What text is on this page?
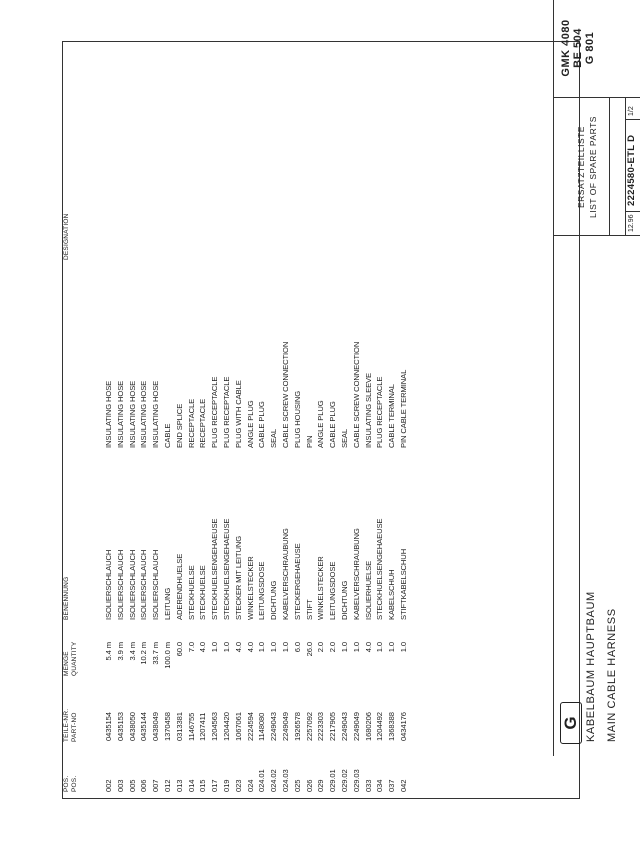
POS. POS.
TEILE-NR. PART-NO
MENGE QUANTITY
BENENNUNG
DESIGNATION
002
0435154
5.4 m
ISOLIERSCHLAUCH
INSULATING HOSE
003
0435153
3.9 m
ISOLIERSCHLAUCH
INSULATING HOSE
005
0438050
3.4 m
ISOLIERSCHLAUCH
INSULATING HOSE
006
0435144
10.2 m
ISOLIERSCHLAUCH
INSULATING HOSE
007
0438049
33.7 m
ISOLIERSCHLAUCH
INSULATING HOSE
012
1370458
100.0 m
LEITUNG
CABLE
013
0313381
60.0
ADERENDHUELSE
END SPLICE
014
1146755
7.0
STECKHUELSE
RECEPTACLE
015
1207411
4.0
STECKHUELSE
RECEPTACLE
017
1204563
1.0
STECKHUELSENGEHAEUSE
PLUG RECEPTACLE
019
1204420
1.0
STECKHUELSENGEHAEUSE
PLUG RECEPTACLE
023
1067061
4.0
STECKER MIT LEITUNG
PLUG WITH CABLE
024
2224594
4.0
WINKELSTECKER
ANGLE PLUG
024.01
1148080
1.0
LEITUNGSDOSE
CABLE PLUG
024.02
2249043
1.0
DICHTUNG
SEAL
024.03
2249049
1.0
KABELVERSCHRAUBUNG
CABLE SCREW CONNECTION
025
1926578
6.0
STECKERGEHAEUSE
PLUG HOUSING
026
2257092
26.0
STIFT
PIN
029
2223303
2.0
WINKELSTECKER
ANGLE PLUG
029.01
2217905
2.0
LEITUNGSDOSE
CABLE PLUG
029.02
2249043
1.0
DICHTUNG
SEAL
029.03
2249049
1.0
KABELVERSCHRAUBUNG
CABLE SCREW CONNECTION
033
1680206
4.0
ISOLIERHUELSE
INSULATING SLEEVE
034
1204492
1.0
STECKHUELSENGEHAEUSE
PLUG RECEPTACLE
037
1368388
1.0
KABELSCHUH
CABLE TERMINAL
042
0434176
1.0
STIFTKABELSCHUH
PIN CABLE TERMINAL
G KABELBAUM HAUPTBAUM MAIN CABLE HARNESS
ERSATZTEILLISTE LIST OF SPARE PARTS
12.96
2224580-ETL D
1/2
GMK 4080 BE 504 G 801
